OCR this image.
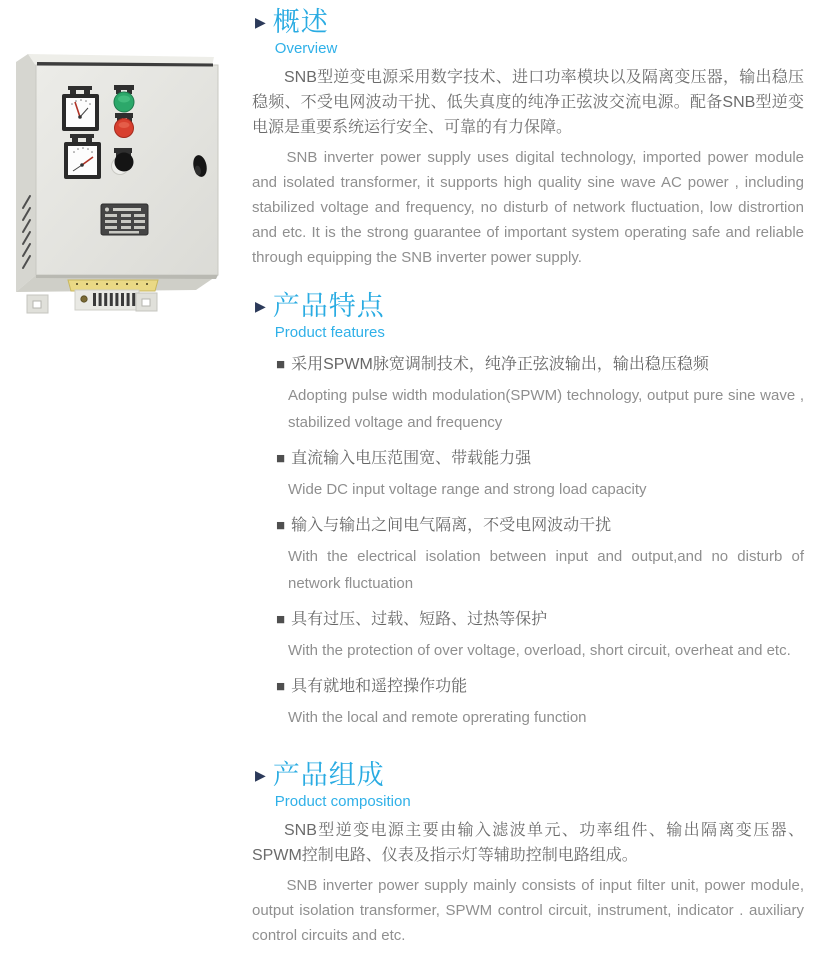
▶ 概述
Overview

SNB型逆变电源采用数字技术、进口功率模块以及隔离变压器，输出稳压稳频、不受电网波动干扰、低失真度的纯净正弦波交流电源。配备SNB型逆变电源是重要系统运行安全、可靠的有力保障。

SNB inverter power supply uses digital technology, imported power module and isolated transformer, it supports high quality sine wave AC power , including stabilized voltage and frequency, no disturb of network fluctuation, low distrortion and etc. It is the strong guarantee of important system operating safe and reliable through equipping the SNB inverter power supply.

▶ 产品特点
Product features
■ 采用SPWM脉宽调制技术，纯净正弦波输出，输出稳压稳频
Adopting pulse width modulation(SPWM) technology, output pure sine wave , stabilized voltage and frequency
■ 直流输入电压范围宽、带载能力强
Wide DC input voltage range and strong load capacity
■ 输入与输出之间电气隔离，不受电网波动干扰
With the electrical isolation between input and output,and no disturb of network fluctuation
■ 具有过压、过载、短路、过热等保护
With the protection of over voltage, overload, short circuit, overheat and etc.
■ 具有就地和遥控操作功能
With the local and remote oprerating function
▶ 产品组成
Product composition

SNB型逆变电源主要由输入滤波单元、功率组件、输出隔离变压器、SPWM控制电路、仪表及指示灯等辅助控制电路组成。

SNB inverter power supply mainly consists of input filter unit, power module, output isolation transformer, SPWM control circuit, instrument, indicator . auxiliary control circuits and etc.
